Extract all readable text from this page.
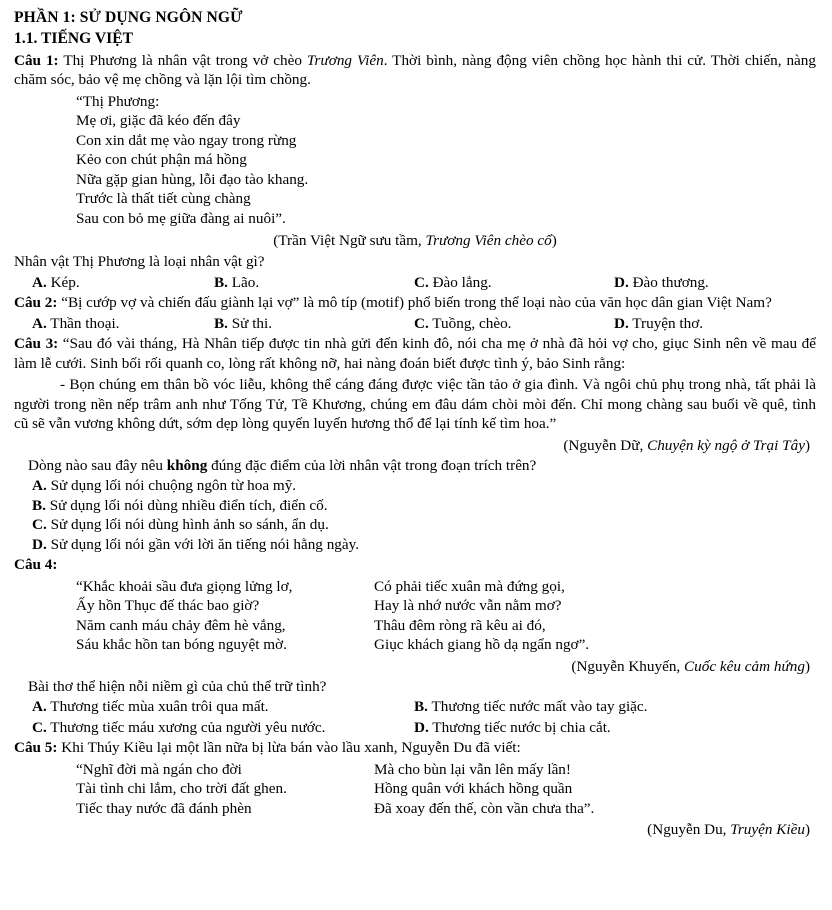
PHẦN 1: SỬ DỤNG NGÔN NGỮ
1.1. TIẾNG VIỆT
Câu 1: Thị Phương là nhân vật trong vở chèo Trương Viên. Thời bình, nàng động viên chồng học hành thi cử. Thời chiến, nàng chăm sóc, bảo vệ mẹ chồng và lặn lội tìm chồng.

“Thị Phương:

Mẹ ơi, giặc đã kéo đến đây

Con xin dắt mẹ vào ngay trong rừng

Kẻo con chút phận má hồng

Nữa gặp gian hùng, lỗi đạo tào khang.

Trước là thất tiết cùng chàng

Sau con bỏ mẹ giữa đàng ai nuôi”.

(Trần Việt Ngữ sưu tầm, Trương Viên chèo cổ)
Nhân vật Thị Phương là loại nhân vật gì?
A. Kép.	B. Lão.	C. Đào lẳng.	D. Đào thương.
Câu 2: “Bị cướp vợ và chiến đấu giành lại vợ” là mô típ (motif) phổ biến trong thể loại nào của văn học dân gian Việt Nam?
A. Thần thoại.	B. Sử thi.	C. Tuồng, chèo.	D. Truyện thơ.
Câu 3: “Sau đó vài tháng, Hà Nhân tiếp được tin nhà gửi đến kinh đô, nói cha mẹ ở nhà đã hỏi vợ cho, giục Sinh nên về mau để làm lễ cưới. Sinh bối rối quanh co, lòng rất không nỡ, hai nàng đoán biết được tình ý, bảo Sinh rằng:
- Bọn chúng em thân bồ vóc liễu, không thể cáng đáng được việc tần tảo ở gia đình. Và ngôi chủ phụ trong nhà, tất phải là người trong nền nếp trâm anh như Tống Tử, Tề Khương, chúng em đâu dám chòi mòi đến. Chỉ mong chàng sau buổi về quê, tình cũ sẽ vẫn vương không dứt, sớm dẹp lòng quyến luyến hương thổ để lại tính kế tìm hoa.”
(Nguyễn Dữ, Chuyện kỳ ngộ ở Trại Tây)
Dòng nào sau đây nêu không đúng đặc điểm của lời nhân vật trong đoạn trích trên?

A. Sử dụng lối nói chuộng ngôn từ hoa mỹ.

B. Sử dụng lối nói dùng nhiều điển tích, điển cố.

C. Sử dụng lối nói dùng hình ảnh so sánh, ẩn dụ.

D. Sử dụng lối nói gần với lời ăn tiếng nói hằng ngày.

Câu 4:

“Khắc khoải sầu đưa giọng lửng lơ,

Ấy hồn Thục đế thác bao giờ?

Năm canh máu chảy đêm hè vắng,

Sáu khắc hồn tan bóng nguyệt mờ.

Có phải tiếc xuân mà đứng gọi,

Hay là nhớ nước vẫn nằm mơ?

Thâu đêm ròng rã kêu ai đó,

Giục khách giang hồ dạ ngẩn ngơ”.

(Nguyễn Khuyến, Cuốc kêu cảm hứng)
Bài thơ thể hiện nỗi niềm gì của chủ thể trữ tình?
A. Thương tiếc mùa xuân trôi qua mất.	B. Thương tiếc nước mất vào tay giặc.
C. Thương tiếc máu xương của người yêu nước.	D. Thương tiếc nước bị chia cắt.
Câu 5: Khi Thúy Kiều lại một lần nữa bị lừa bán vào lầu xanh, Nguyễn Du đã viết:

“Nghĩ đời mà ngán cho đời

Tài tình chi lắm, cho trời đất ghen.

Tiếc thay nước đã đánh phèn

Mà cho bùn lại vẫn lên mấy lần!

Hồng quân với khách hồng quần

Đã xoay đến thế, còn vần chưa tha”.

(Nguyễn Du, Truyện Kiều)
